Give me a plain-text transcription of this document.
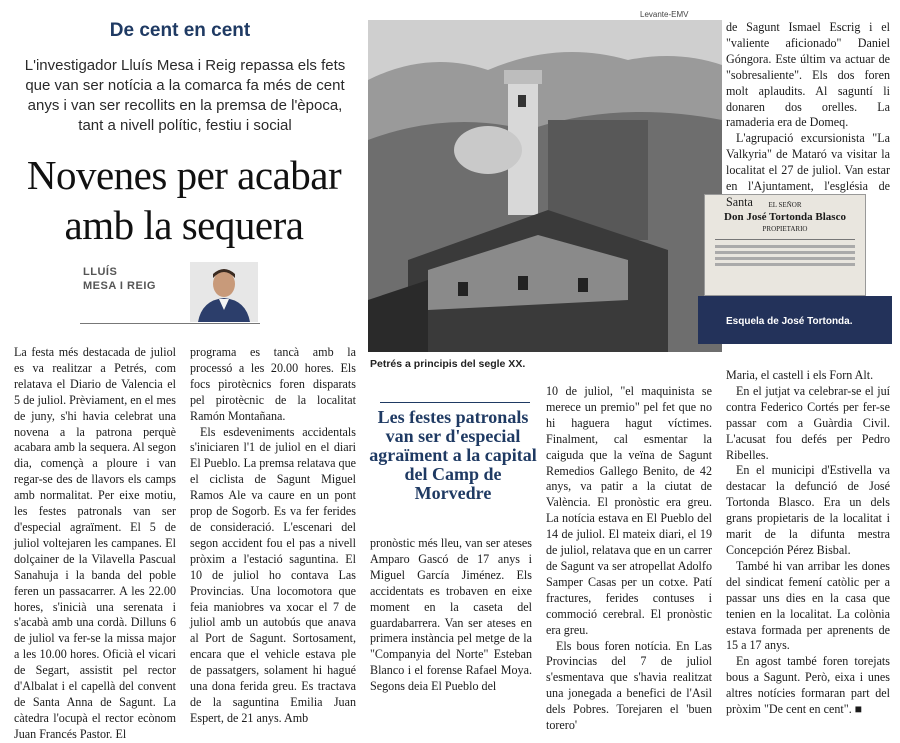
De cent en cent
L'investigador Lluís Mesa i Reig repassa els fets que van ser notícia a la comarca fa més de cent anys i van ser recollits en la premsa de l'època, tant a nivell polític, festiu i social
Novenes per acabar amb la sequera
LLUÍS
MESA I REIG

La festa més destacada de juliol es va realitzar a Petrés, com relatava el Diario de Valencia el 5 de juliol. Prèviament, en el mes de juny, s'hi havia celebrat una novena a la patrona perquè acabara amb la sequera. Al segon dia, començà a ploure i van regar-se des de llavors els camps amb normalitat. Per eixe motiu, les festes patronals van ser d'especial agraïment. El 5 de juliol voltejaren les campanes. El dolçainer de la Vilavella Pascual Sanahuja i la banda del poble feren un passacarrer. A les 22.00 hores, s'inicià una serenata i s'acabà amb una cordà. Dilluns 6 de juliol va fer-se la missa major a les 10.00 hores. Oficià el vicari de Segart, assistit pel rector d'Albalat i el capellà del convent de Santa Anna de Sagunt. La càtedra l'ocupà el rector ecònom Juan Francés Pastor. El

programa es tancà amb la processó a les 20.00 hores. Els focs pirotècnics foren disparats pel pirotècnic de la localitat Ramón Montañana.

Els esdeveniments accidentals s'iniciaren l'1 de juliol en el diari El Pueblo. La premsa relatava que el ciclista de Sagunt Miguel Ramos Ale va caure en un pont prop de Sogorb. Es va fer ferides de consideració. L'escenari del segon accident fou el pas a nivell pròxim a l'estació saguntina. El 10 de juliol ho contava Las Provincias. Una locomotora que feia maniobres va xocar el 7 de juliol amb un autobús que anava al Port de Sagunt. Sortosament, encara que el vehicle estava ple de passatgers, solament hi hagué una dona ferida greu. Es tractava de la saguntina Emilia Juan Espert, de 21 anys. Amb

Levante-EMV
Petrés a principis del segle XX.
Esquela de José Tortonda.
EL SEÑOR
Don José Tortonda Blasco
PROPIETARIO

de Sagunt Ismael Escrig i el "valiente aficionado" Daniel Góngora. Este últim va actuar de "sobresaliente". Els dos foren molt aplaudits. Al saguntí li donaren dos orelles. La ramaderia era de Domeq.

L'agrupació excursionista "La Valkyria" de Mataró va visitar la localitat el 27 de juliol. Van estar en l'Ajuntament, l'església de Santa

Les festes patronals van ser d'especial agraïment a la capital del Camp de Morvedre

pronòstic més lleu, van ser ateses Amparo Gascó de 17 anys i Miguel García Jiménez. Els accidentats es trobaven en eixe moment en la caseta del guardabarrera. Van ser ateses en primera instància pel metge de la "Companyia del Norte" Esteban Blanco i el forense Rafael Moya. Segons deia El Pueblo del

10 de juliol, "el maquinista se merece un premio" pel fet que no hi haguera hagut víctimes. Finalment, cal esmentar la caiguda que la veïna de Sagunt Remedios Gallego Benito, de 42 anys, va patir a la ciutat de València. El pronòstic era greu. La notícia estava en El Pueblo del 14 de juliol. El mateix diari, el 19 de juliol, relatava que en un carrer de Sagunt va ser atropellat Adolfo Samper Casas per un cotxe. Patí fractures, ferides contuses i commoció cerebral. El pronòstic era greu.

Els bous foren notícia. En Las Provincias del 7 de juliol s'esmentava que s'havia realitzat una jonegada a benefici de l'Asil dels Pobres. Torejaren el 'buen torero'

Maria, el castell i els Forn Alt.

En el jutjat va celebrar-se el juí contra Federico Cortés per fer-se passar com a Guàrdia Civil. L'acusat fou defés per Pedro Ribelles.

En el municipi d'Estivella va destacar la defunció de José Tortonda Blasco. Era un dels grans propietaris de la localitat i marit de la difunta mestra Concepción Pérez Bisbal.

També hi van arribar les dones del sindicat femení catòlic per a passar uns dies en la casa que tenien en la localitat. La colònia estava formada per aprenents de 15 a 17 anys.

En agost també foren torejats bous a Sagunt. Però, eixa i unes altres notícies formaran part del pròxim "De cent en cent". ■
